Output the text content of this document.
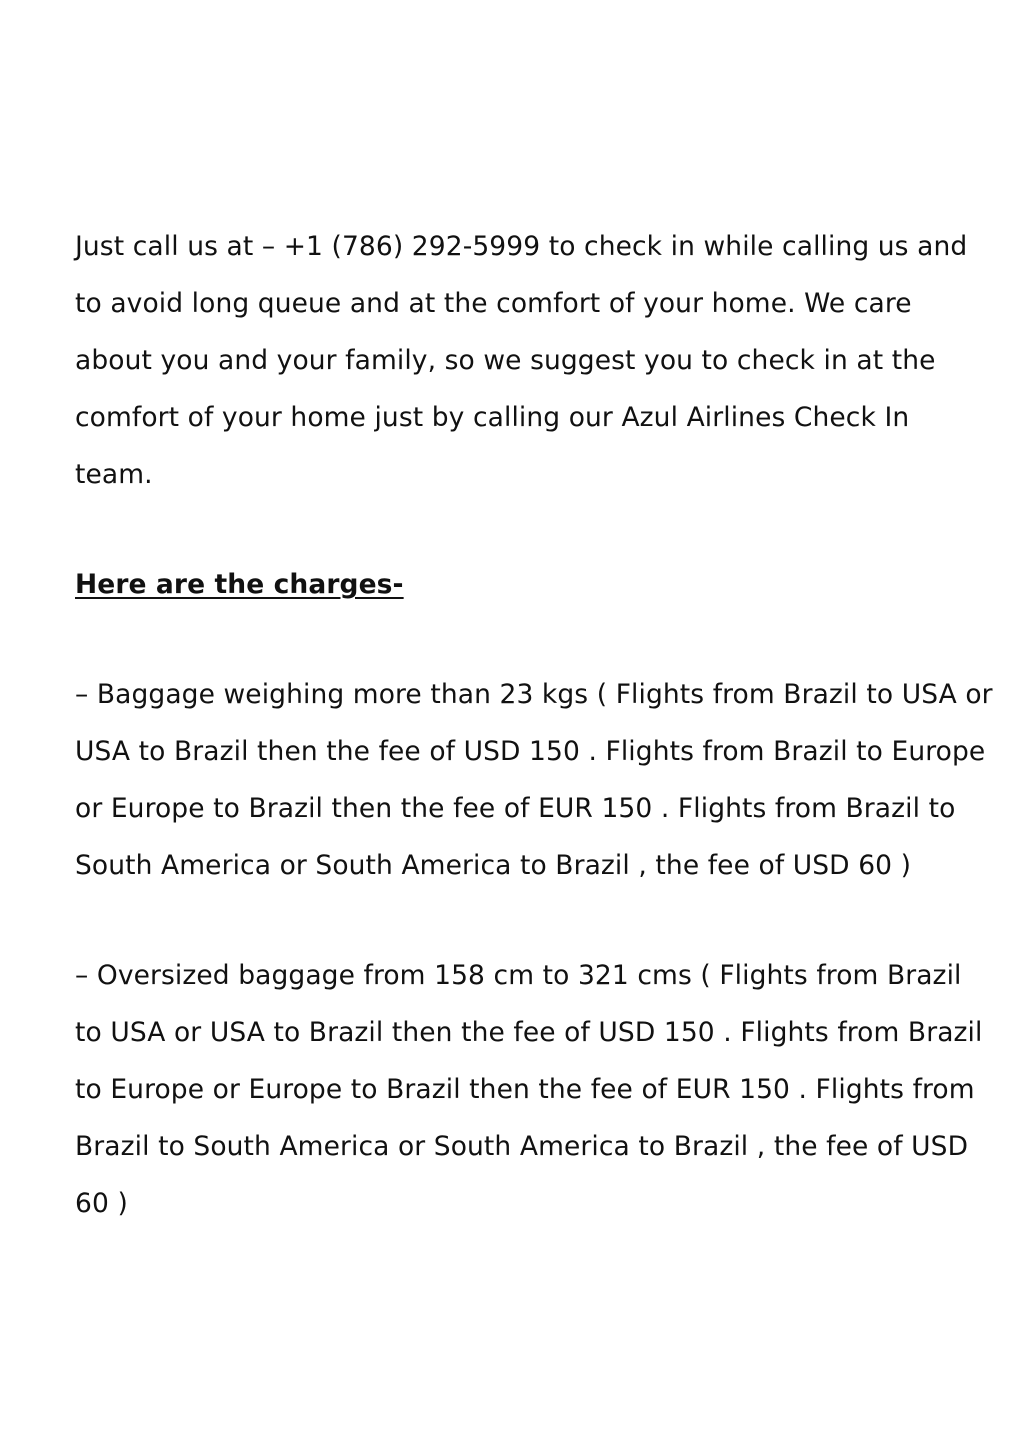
Just call us at – +1 (786) 292-5999 to check in while calling us and to avoid long queue and at the comfort of your home. We care about you and your family, so we suggest you to check in at the comfort of your home just by calling our Azul Airlines Check In team.

Here are the charges-

– Baggage weighing more than 23 kgs ( Flights from Brazil to USA or USA to Brazil then the fee of USD 150 . Flights from Brazil to Europe or Europe to Brazil then the fee of EUR 150 . Flights from Brazil to South America or South America to Brazil , the fee of USD 60 )

– Oversized baggage from 158 cm to 321 cms ( Flights from Brazil to USA or USA to Brazil then the fee of USD 150 . Flights from Brazil to Europe or Europe to Brazil then the fee of EUR 150 . Flights from Brazil to South America or South America to Brazil , the fee of USD 60 )
